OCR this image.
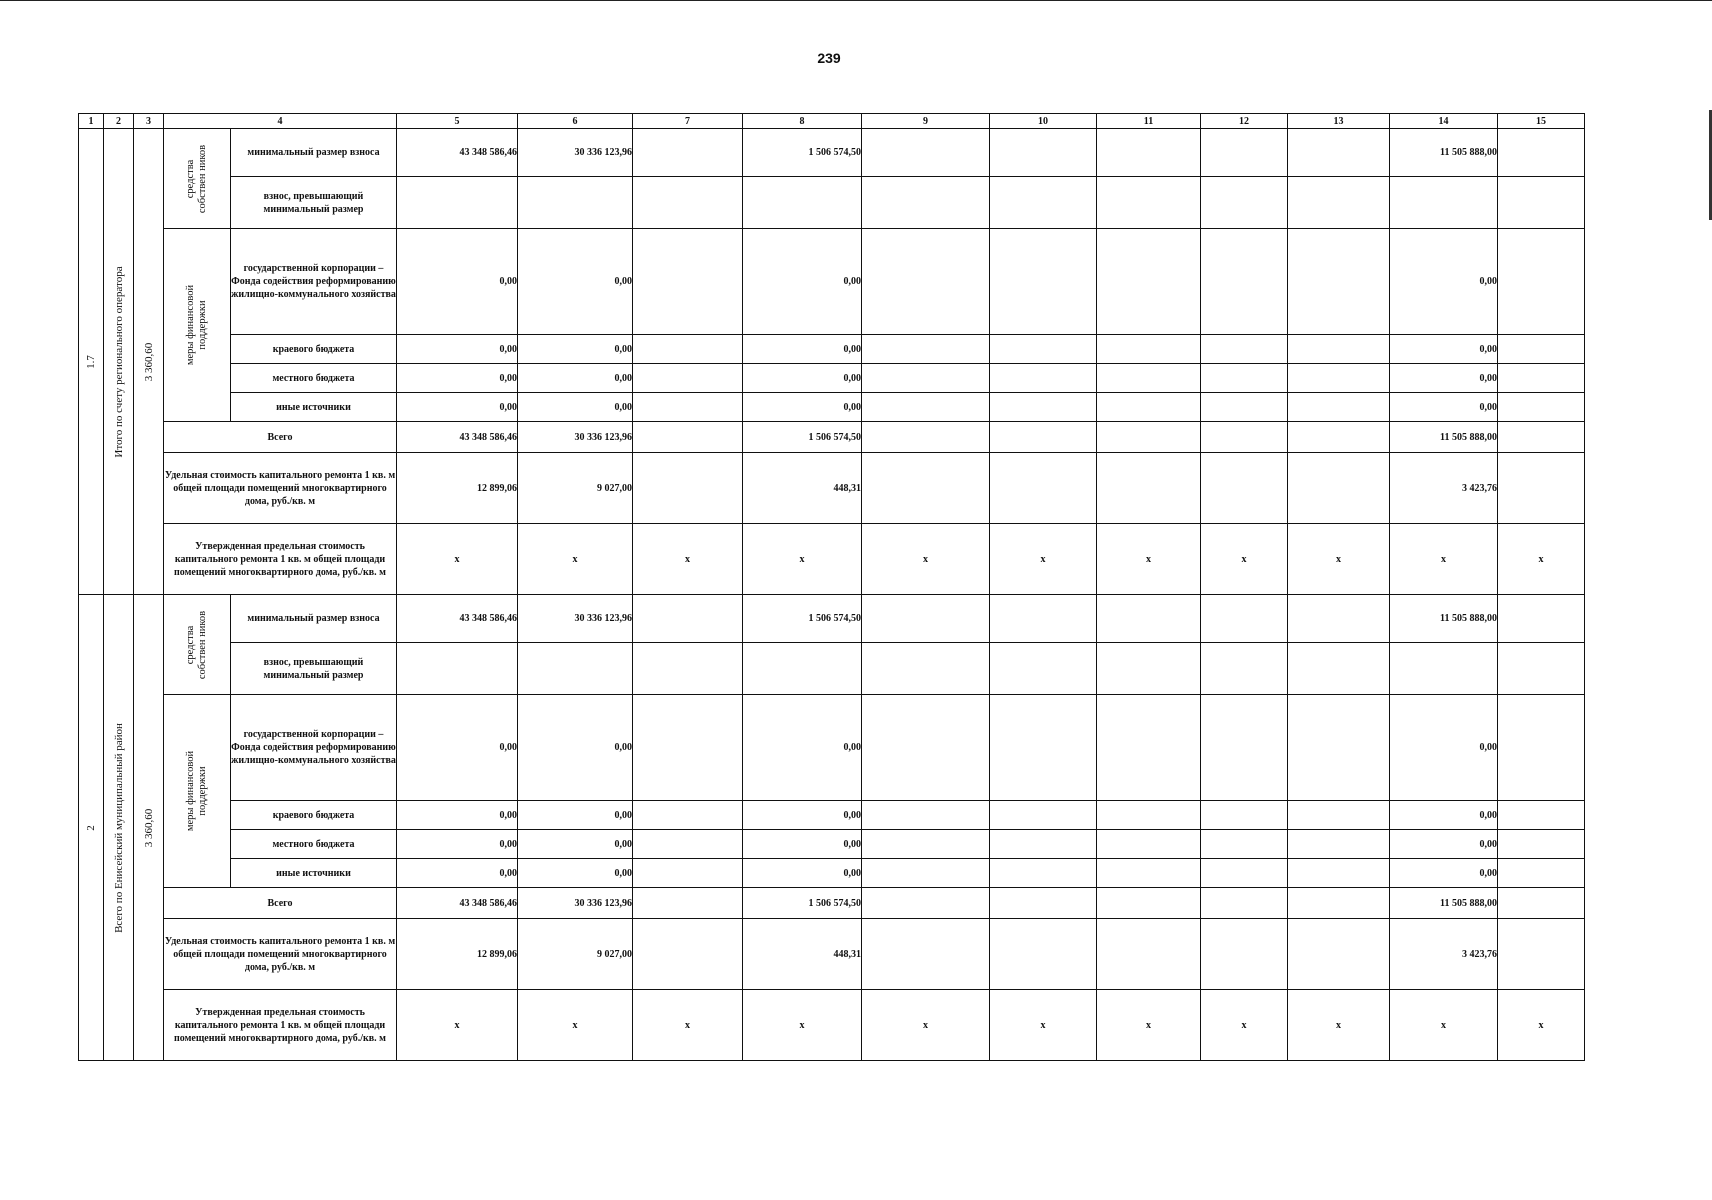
239
1	2	3	4		5	6	7	8	9	10	11	12	13	14	15

1.7	Итого по счету регионального оператора	3 360,60	средства собствен ников	минимальный размер взноса	43 348 586,46	30 336 123,96		1 506 574,50						11 505 888,00	
				взнос, превышающий минимальный размер											

			меры финансовой поддержки	государственной корпорации – Фонда содействия реформированию жилищно-коммунального хозяйства	0,00	0,00		0,00						0,00	
				краевого бюджета	0,00	0,00		0,00						0,00	
				местного бюджета	0,00	0,00		0,00						0,00	
				иные источники	0,00	0,00		0,00						0,00	
			Всего		43 348 586,46	30 336 123,96		1 506 574,50						11 505 888,00	
			Удельная стоимость капитального ремонта 1 кв. м общей площади помещений многоквартирного дома, руб./кв. м		12 899,06	9 027,00		448,31						3 423,76	
			Утвержденная предельная стоимость капитального ремонта 1 кв. м общей площади помещений многоквартирного дома, руб./кв. м		х	х	х	х	х	х	х	х	х	х	х

2	Всего по Енисейский муниципальный район	3 360,60	средства собствен ников	минимальный размер взноса	43 348 586,46	30 336 123,96		1 506 574,50						11 505 888,00	
				взнос, превышающий минимальный размер											

			меры финансовой поддержки	государственной корпорации – Фонда содействия реформированию жилищно-коммунального хозяйства	0,00	0,00		0,00						0,00	
				краевого бюджета	0,00	0,00		0,00						0,00	
				местного бюджета	0,00	0,00		0,00						0,00	
				иные источники	0,00	0,00		0,00						0,00	
			Всего		43 348 586,46	30 336 123,96		1 506 574,50						11 505 888,00	
			Удельная стоимость капитального ремонта 1 кв. м общей площади помещений многоквартирного дома, руб./кв. м		12 899,06	9 027,00		448,31						3 423,76	
			Утвержденная предельная стоимость капитального ремонта 1 кв. м общей площади помещений многоквартирного дома, руб./кв. м		х	х	х	х	х	х	х	х	х	х	х
